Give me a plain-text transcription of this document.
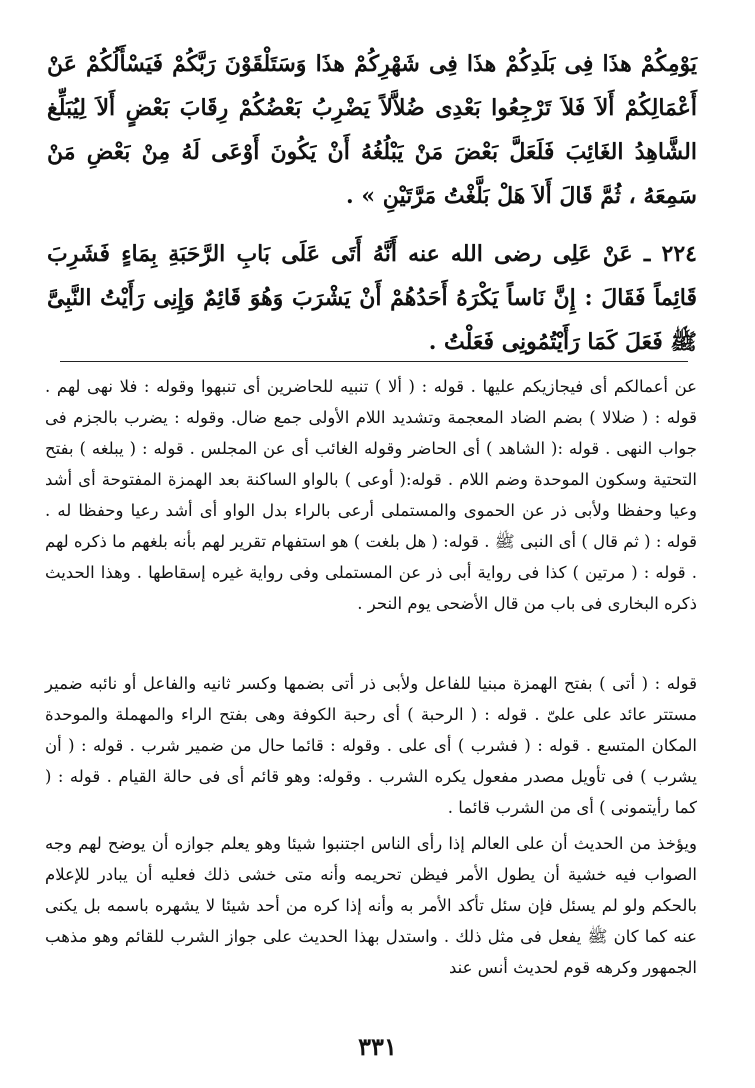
يَوْمِكُمْ هذَا فِى بَلَدِكُمْ هذَا فِى شَهْرِكُمْ هذَا وَسَتَلْقَوْنَ رَبَّكُمْ فَيَسْأَلُكُمْ عَنْ أَعْمَالِكُمْ أَلاَ فَلاَ تَرْجِعُوا بَعْدِى ضُلاَّلاً يَضْرِبُ بَعْضُكُمْ رِقَابَ بَعْضٍ أَلاَ لِيُبَلِّغ الشَّاهِدُ الغَائِبَ فَلَعَلَّ بَعْضَ مَنْ يَبْلُغُهُ أَنْ يَكُونَ أَوْعَى لَهُ مِنْ بَعْضِ مَنْ سَمِعَهُ ، ثُمَّ قَالَ أَلاَ هَلْ بَلَّغْتُ مَرَّتَيْنِ » .
٢٢٤ ـ عَنْ عَلِى رضى الله عنه أَنَّهُ أَتَى عَلَى بَابِ الرَّحَبَةِ بِمَاءٍ فَشَرِبَ قَائِماً فَقَالَ : إِنَّ نَاساً يَكْرَهُ أَحَدُهُمْ أَنْ يَشْرَبَ وَهُوَ قَائِمٌ وَإِنِى رَأَيْتُ النَّبِىَّ ﷺ فَعَلَ كَمَا رَأَيْتُمُونِى فَعَلْتُ .
عن أعمالكم أى فيجازيكم عليها . قوله : ( ألا ) تنبيه للحاضرين أى تنبهوا وقوله : فلا نهى لهم . قوله : ( ضلالا ) بضم الضاد المعجمة وتشديد اللام الأولى جمع ضال. وقوله : يضرب بالجزم فى جواب النهى . قوله :( الشاهد ) أى الحاضر وقوله الغائب أى عن المجلس . قوله : ( يبلغه ) بفتح التحتية وسكون الموحدة وضم اللام . قوله:( أوعى ) بالواو الساكنة بعد الهمزة المفتوحة أى أشد وعيا وحفظا ولأبى ذر عن الحموى والمستملى أرعى بالراء بدل الواو أى أشد رعيا وحفظا له . قوله : ( ثم قال ) أى النبى ﷺ . قوله: ( هل بلغت ) هو استفهام تقرير لهم بأنه بلغهم ما ذكره لهم . قوله : ( مرتين ) كذا فى رواية أبى ذر عن المستملى وفى رواية غيره إسقاطها . وهذا الحديث ذكره البخارى فى باب من قال الأضحى يوم النحر .
قوله : ( أتى ) بفتح الهمزة مبنيا للفاعل ولأبى ذر أتى بضمها وكسر ثانيه والفاعل أو نائبه ضمير مستتر عائد على علىّ . قوله : ( الرحبة ) أى رحبة الكوفة وهى بفتح الراء والمهملة والموحدة المكان المتسع . قوله : ( فشرب ) أى على . وقوله : قائما حال من ضمير شرب . قوله : ( أن يشرب ) فى تأويل مصدر مفعول يكره الشرب . وقوله: وهو قائم أى فى حالة القيام . قوله : ( كما رأيتمونى ) أى من الشرب قائما .
ويؤخذ من الحديث أن على العالم إذا رأى الناس اجتنبوا شيئا وهو يعلم جوازه أن يوضح لهم وجه الصواب فيه خشية أن يطول الأمر فيظن تحريمه وأنه متى خشى ذلك فعليه أن يبادر للإعلام بالحكم ولو لم يسئل فإن سئل تأكد الأمر به وأنه إذا كره من أحد شيئا لا يشهره باسمه بل يكنى عنه كما كان ﷺ يفعل فى مثل ذلك . واستدل بهذا الحديث على جواز الشرب للقائم وهو مذهب الجمهور وكرهه قوم لحديث أنس عند
٣٣١
